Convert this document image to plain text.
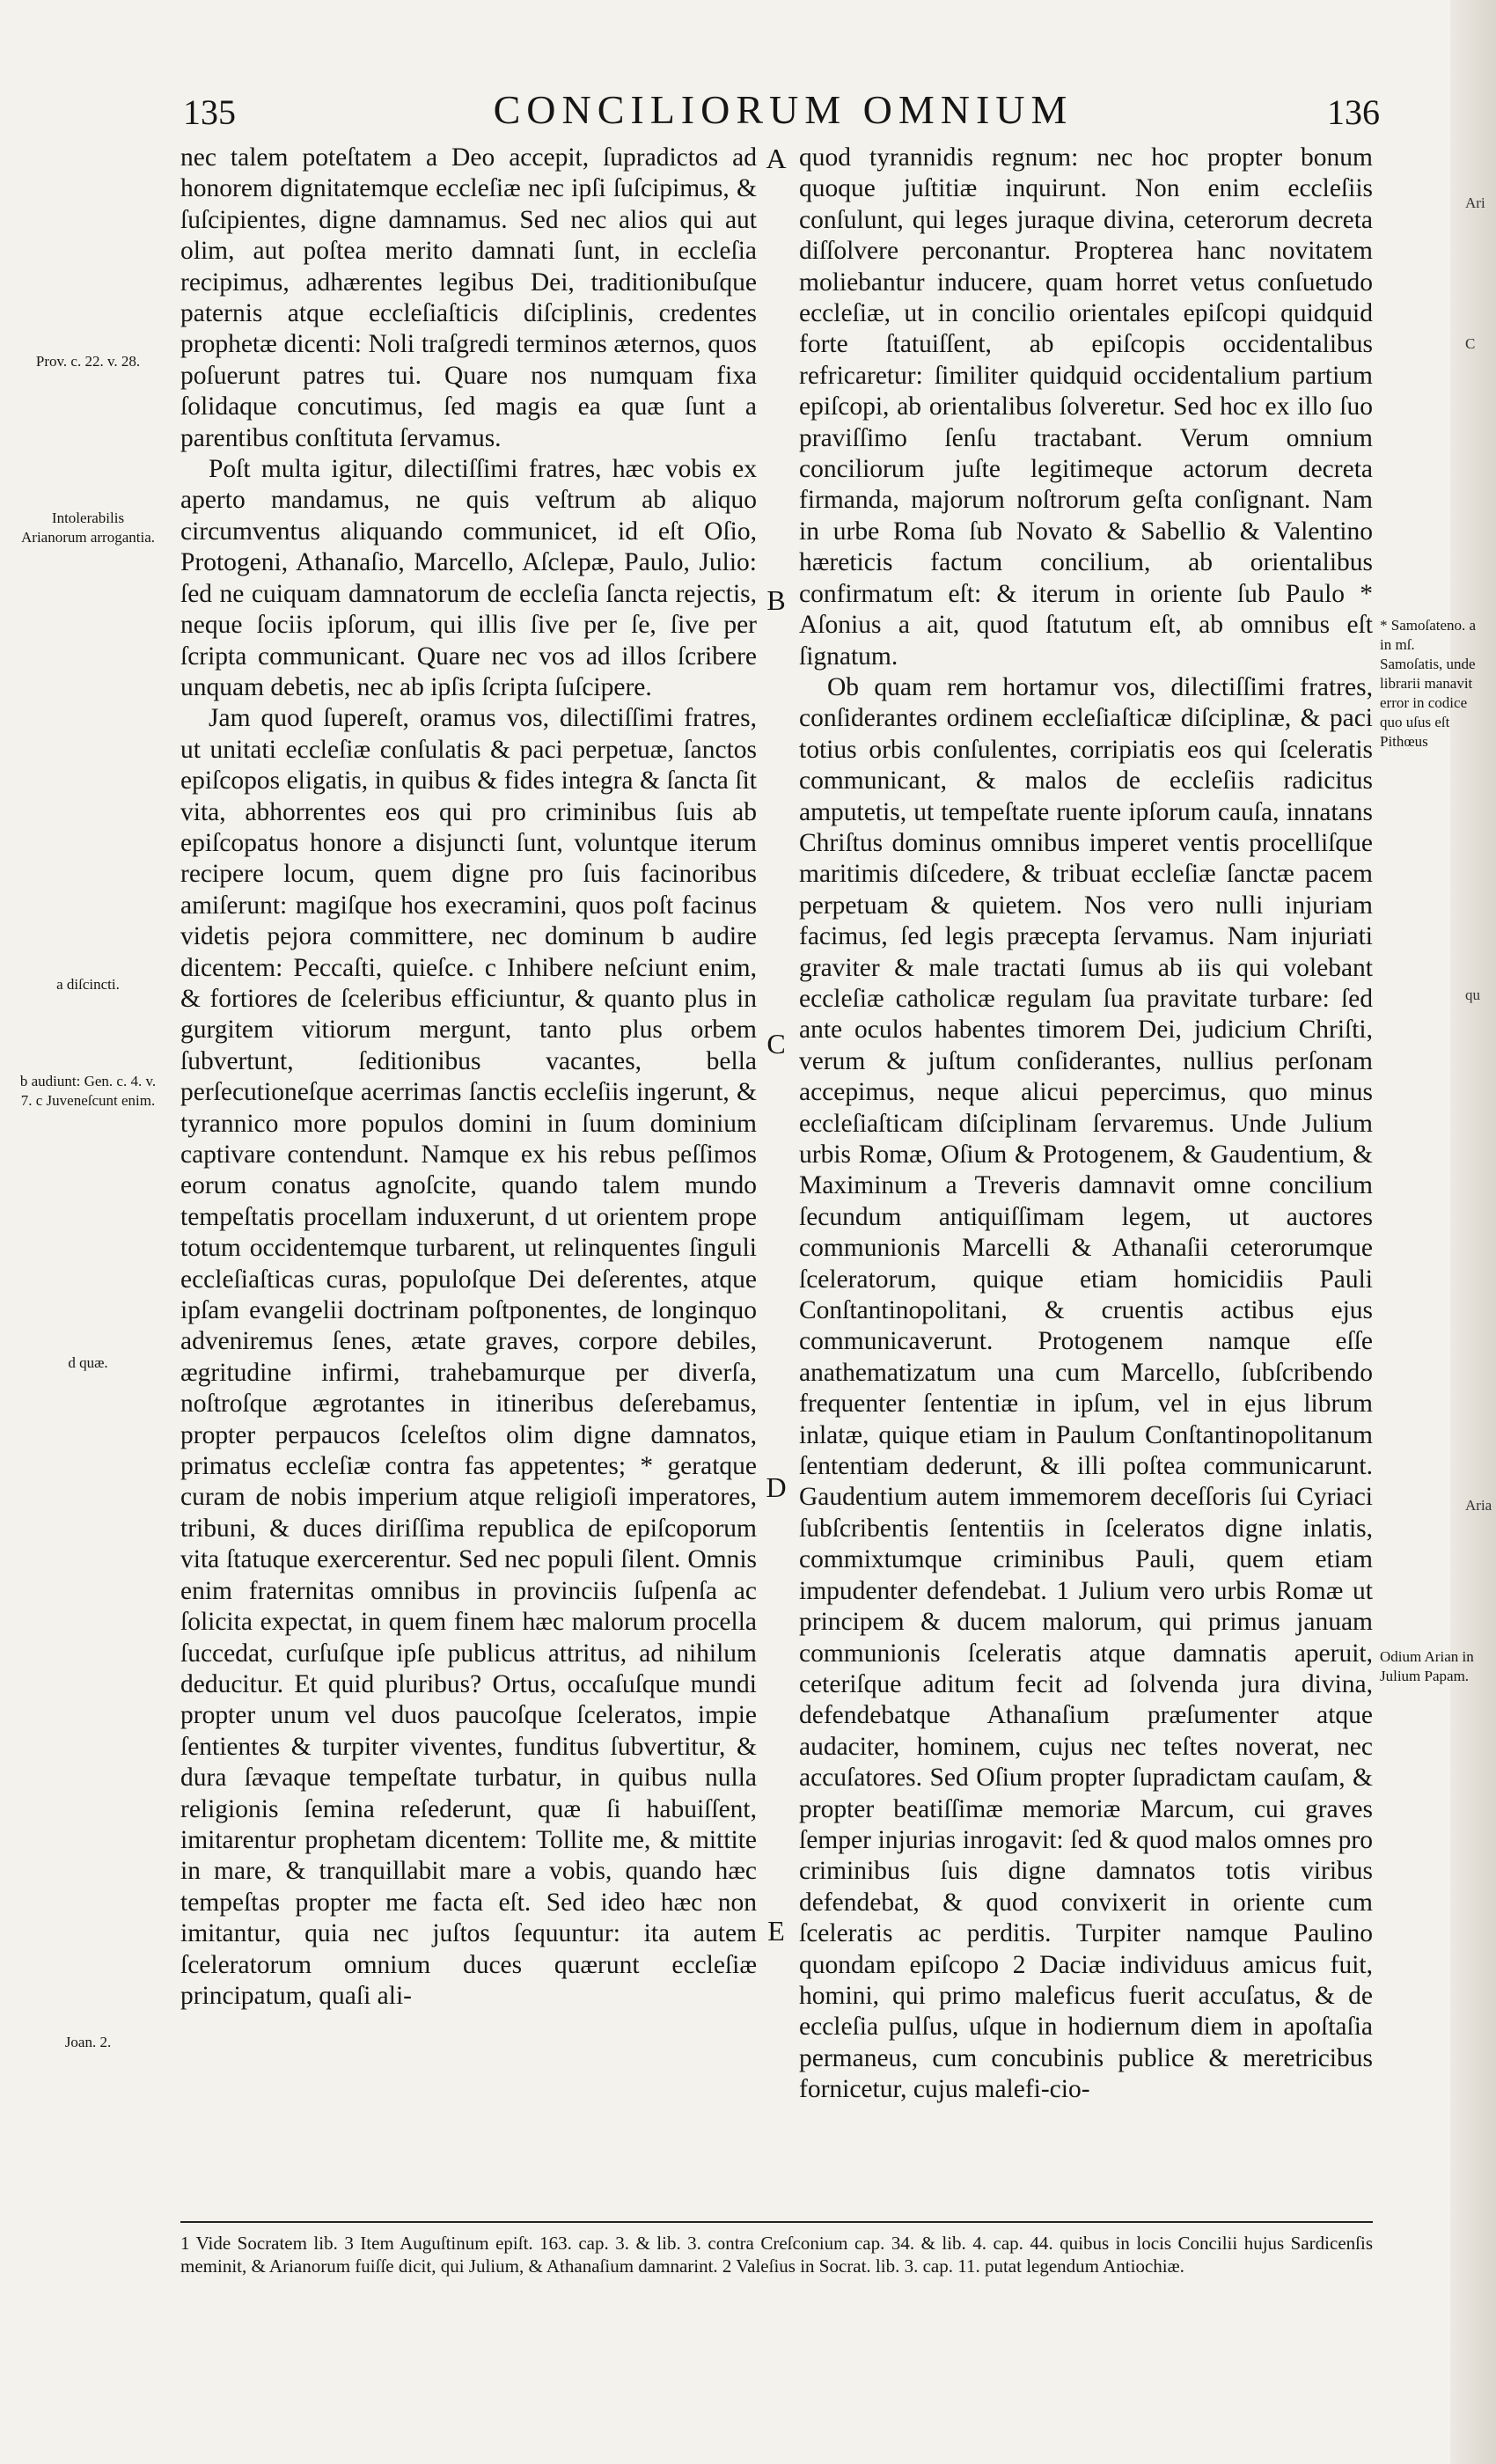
135	CONCILIORUM OMNIUM	136

nec talem poteſtatem a Deo accepit, ſupradictos ad honorem dignitatemque eccleſiæ nec ipſi ſuſcipimus, & ſuſcipientes, digne damnamus. Sed nec alios qui aut olim, aut poſtea merito damnati ſunt, in eccleſia recipimus, adhærentes legibus Dei, traditionibuſque paternis atque eccleſiaſticis diſciplinis, credentes prophetæ dicenti: Noli traſgredi terminos æternos, quos poſuerunt patres tui. Quare nos numquam fixa ſolidaque concutimus, ſed magis ea quæ ſunt a parentibus conſtituta ſervamus.

Poſt multa igitur, dilectiſſimi fratres, hæc vobis ex aperto mandamus, ne quis veſtrum ab aliquo circumventus aliquando communicet, id eſt Oſio, Protogeni, Athanaſio, Marcello, Aſclepæ, Paulo, Julio: ſed ne cuiquam damnatorum de eccleſia ſancta rejectis, neque ſociis ipſorum, qui illis ſive per ſe, ſive per ſcripta communicant. Quare nec vos ad illos ſcribere unquam debetis, nec ab ipſis ſcripta ſuſcipere.

Jam quod ſupereſt, oramus vos, dilectiſſimi fratres, ut unitati eccleſiæ conſulatis & paci perpetuæ, ſanctos epiſcopos eligatis, in quibus & fides integra & ſancta ſit vita, abhorrentes eos qui pro criminibus ſuis ab epiſcopatus honore a disjuncti ſunt, voluntque iterum recipere locum, quem digne pro ſuis facinoribus amiſerunt: magiſque hos execramini, quos poſt facinus videtis pejora committere, nec dominum b audire dicentem: Peccaſti, quieſce. c Inhibere neſciunt enim, & fortiores de ſceleribus efficiuntur, & quanto plus in gurgitem vitiorum mergunt, tanto plus orbem ſubvertunt, ſeditionibus vacantes, bella perſecutioneſque acerrimas ſanctis eccleſiis ingerunt, & tyrannico more populos domini in ſuum dominium captivare contendunt. Namque ex his rebus peſſimos eorum conatus agnoſcite, quando talem mundo tempeſtatis procellam induxerunt, d ut orientem prope totum occidentemque turbarent, ut relinquentes ſinguli eccleſiaſticas curas, populoſque Dei deſerentes, atque ipſam evangelii doctrinam poſtponentes, de longinquo adveniremus ſenes, ætate graves, corpore debiles, ægritudine infirmi, trahebamurque per diverſa, noſtroſque ægrotantes in itineribus deſerebamus, propter perpaucos ſceleſtos olim digne damnatos, primatus eccleſiæ contra fas appetentes; * geratque curam de nobis imperium atque religioſi imperatores, tribuni, & duces diriſſima republica de epiſcoporum vita ſtatuque exercerentur. Sed nec populi ſilent. Omnis enim fraternitas omnibus in provinciis ſuſpenſa ac ſolicita expectat, in quem finem hæc malorum procella ſuccedat, curſuſque ipſe publicus attritus, ad nihilum deducitur. Et quid pluribus? Ortus, occaſuſque mundi propter unum vel duos paucoſque ſceleratos, impie ſentientes & turpiter viventes, funditus ſubvertitur, & dura ſævaque tempeſtate turbatur, in quibus nulla religionis ſemina reſederunt, quæ ſi habuiſſent, imitarentur prophetam dicentem: Tollite me, & mittite in mare, & tranquillabit mare a vobis, quando hæc tempeſtas propter me facta eſt. Sed ideo hæc non imitantur, quia nec juſtos ſequuntur: ita autem ſceleratorum omnium duces quærunt eccleſiæ principatum, quaſi ali-

quod tyrannidis regnum: nec hoc propter bonum quoque juſtitiæ inquirunt. Non enim eccleſiis conſulunt, qui leges juraque divina, ceterorum decreta diſſolvere perconantur. Propterea hanc novitatem moliebantur inducere, quam horret vetus conſuetudo eccleſiæ, ut in concilio orientales epiſcopi quidquid forte ſtatuiſſent, ab epiſcopis occidentalibus refricaretur: ſimiliter quidquid occidentalium partium epiſcopi, ab orientalibus ſolveretur. Sed hoc ex illo ſuo praviſſimo ſenſu tractabant. Verum omnium conciliorum juſte legitimeque actorum decreta firmanda, majorum noſtrorum geſta conſignant. Nam in urbe Roma ſub Novato & Sabellio & Valentino hæreticis factum concilium, ab orientalibus confirmatum eſt: & iterum in oriente ſub Paulo * Aſonius a ait, quod ſtatutum eſt, ab omnibus eſt ſignatum.

Ob quam rem hortamur vos, dilectiſſimi fratres, conſiderantes ordinem eccleſiaſticæ diſciplinæ, & paci totius orbis conſulentes, corripiatis eos qui ſceleratis communicant, & malos de eccleſiis radicitus amputetis, ut tempeſtate ruente ipſorum cauſa, innatans Chriſtus dominus omnibus imperet ventis procelliſque maritimis diſcedere, & tribuat eccleſiæ ſanctæ pacem perpetuam & quietem. Nos vero nulli injuriam facimus, ſed legis præcepta ſervamus. Nam injuriati graviter & male tractati ſumus ab iis qui volebant eccleſiæ catholicæ regulam ſua pravitate turbare: ſed ante oculos habentes timorem Dei, judicium Chriſti, verum & juſtum conſiderantes, nullius perſonam accepimus, neque alicui pepercimus, quo minus eccleſiaſticam diſciplinam ſervaremus. Unde Julium urbis Romæ, Oſium & Protogenem, & Gaudentium, & Maximinum a Treveris damnavit omne concilium ſecundum antiquiſſimam legem, ut auctores communionis Marcelli & Athanaſii ceterorumque ſceleratorum, quique etiam homicidiis Pauli Conſtantinopolitani, & cruentis actibus ejus communicaverunt. Protogenem namque eſſe anathematizatum una cum Marcello, ſubſcribendo frequenter ſententiæ in ipſum, vel in ejus librum inlatæ, quique etiam in Paulum Conſtantinopolitanum ſententiam dederunt, & illi poſtea communicarunt. Gaudentium autem immemorem deceſſoris ſui Cyriaci ſubſcribentis ſententiis in ſceleratos digne inlatis, commixtumque criminibus Pauli, quem etiam impudenter defendebat. 1 Julium vero urbis Romæ ut principem & ducem malorum, qui primus januam communionis ſceleratis atque damnatis aperuit, ceteriſque aditum fecit ad ſolvenda jura divina, defendebatque Athanaſium præſumenter atque audaciter, hominem, cujus nec teſtes noverat, nec accuſatores. Sed Oſium propter ſupradictam cauſam, & propter beatiſſimæ memoriæ Marcum, cui graves ſemper injurias inrogavit: ſed & quod malos omnes pro criminibus ſuis digne damnatos totis viribus defendebat, & quod convixerit in oriente cum ſceleratis ac perditis. Turpiter namque Paulino quondam epiſcopo 2 Daciæ individuus amicus fuit, homini, qui primo maleficus fuerit accuſatus, & de eccleſia pulſus, uſque in hodiernum diem in apoſtaſia permaneus, cum concubinis publice & meretricibus fornicetur, cujus malefi-cio-

A
B
C
D
E
Prov. c. 22. v. 28.
Intolerabilis Arianorum arrogantia.
a diſcincti.
b audiunt: Gen. c. 4. v. 7. c Juveneſcunt enim.
d quæ.
Joan. 2.
* Samoſateno. a in mſ. Samoſatis, unde librarii manavit error in codice quo uſus eſt Pithœus
Odium Arian in Julium Papam.
1 Vide Socratem lib. 3 Item Auguſtinum epiſt. 163. cap. 3. & lib. 3. contra Creſconium cap. 34. & lib. 4. cap. 44. quibus in locis Concilii hujus Sardicenſis meminit, & Arianorum fuiſſe dicit, qui Julium, & Athanaſium damnarint. 2 Valeſius in Socrat. lib. 3. cap. 11. putat legendum Antiochiæ.
Ari
C
qu
Aria
